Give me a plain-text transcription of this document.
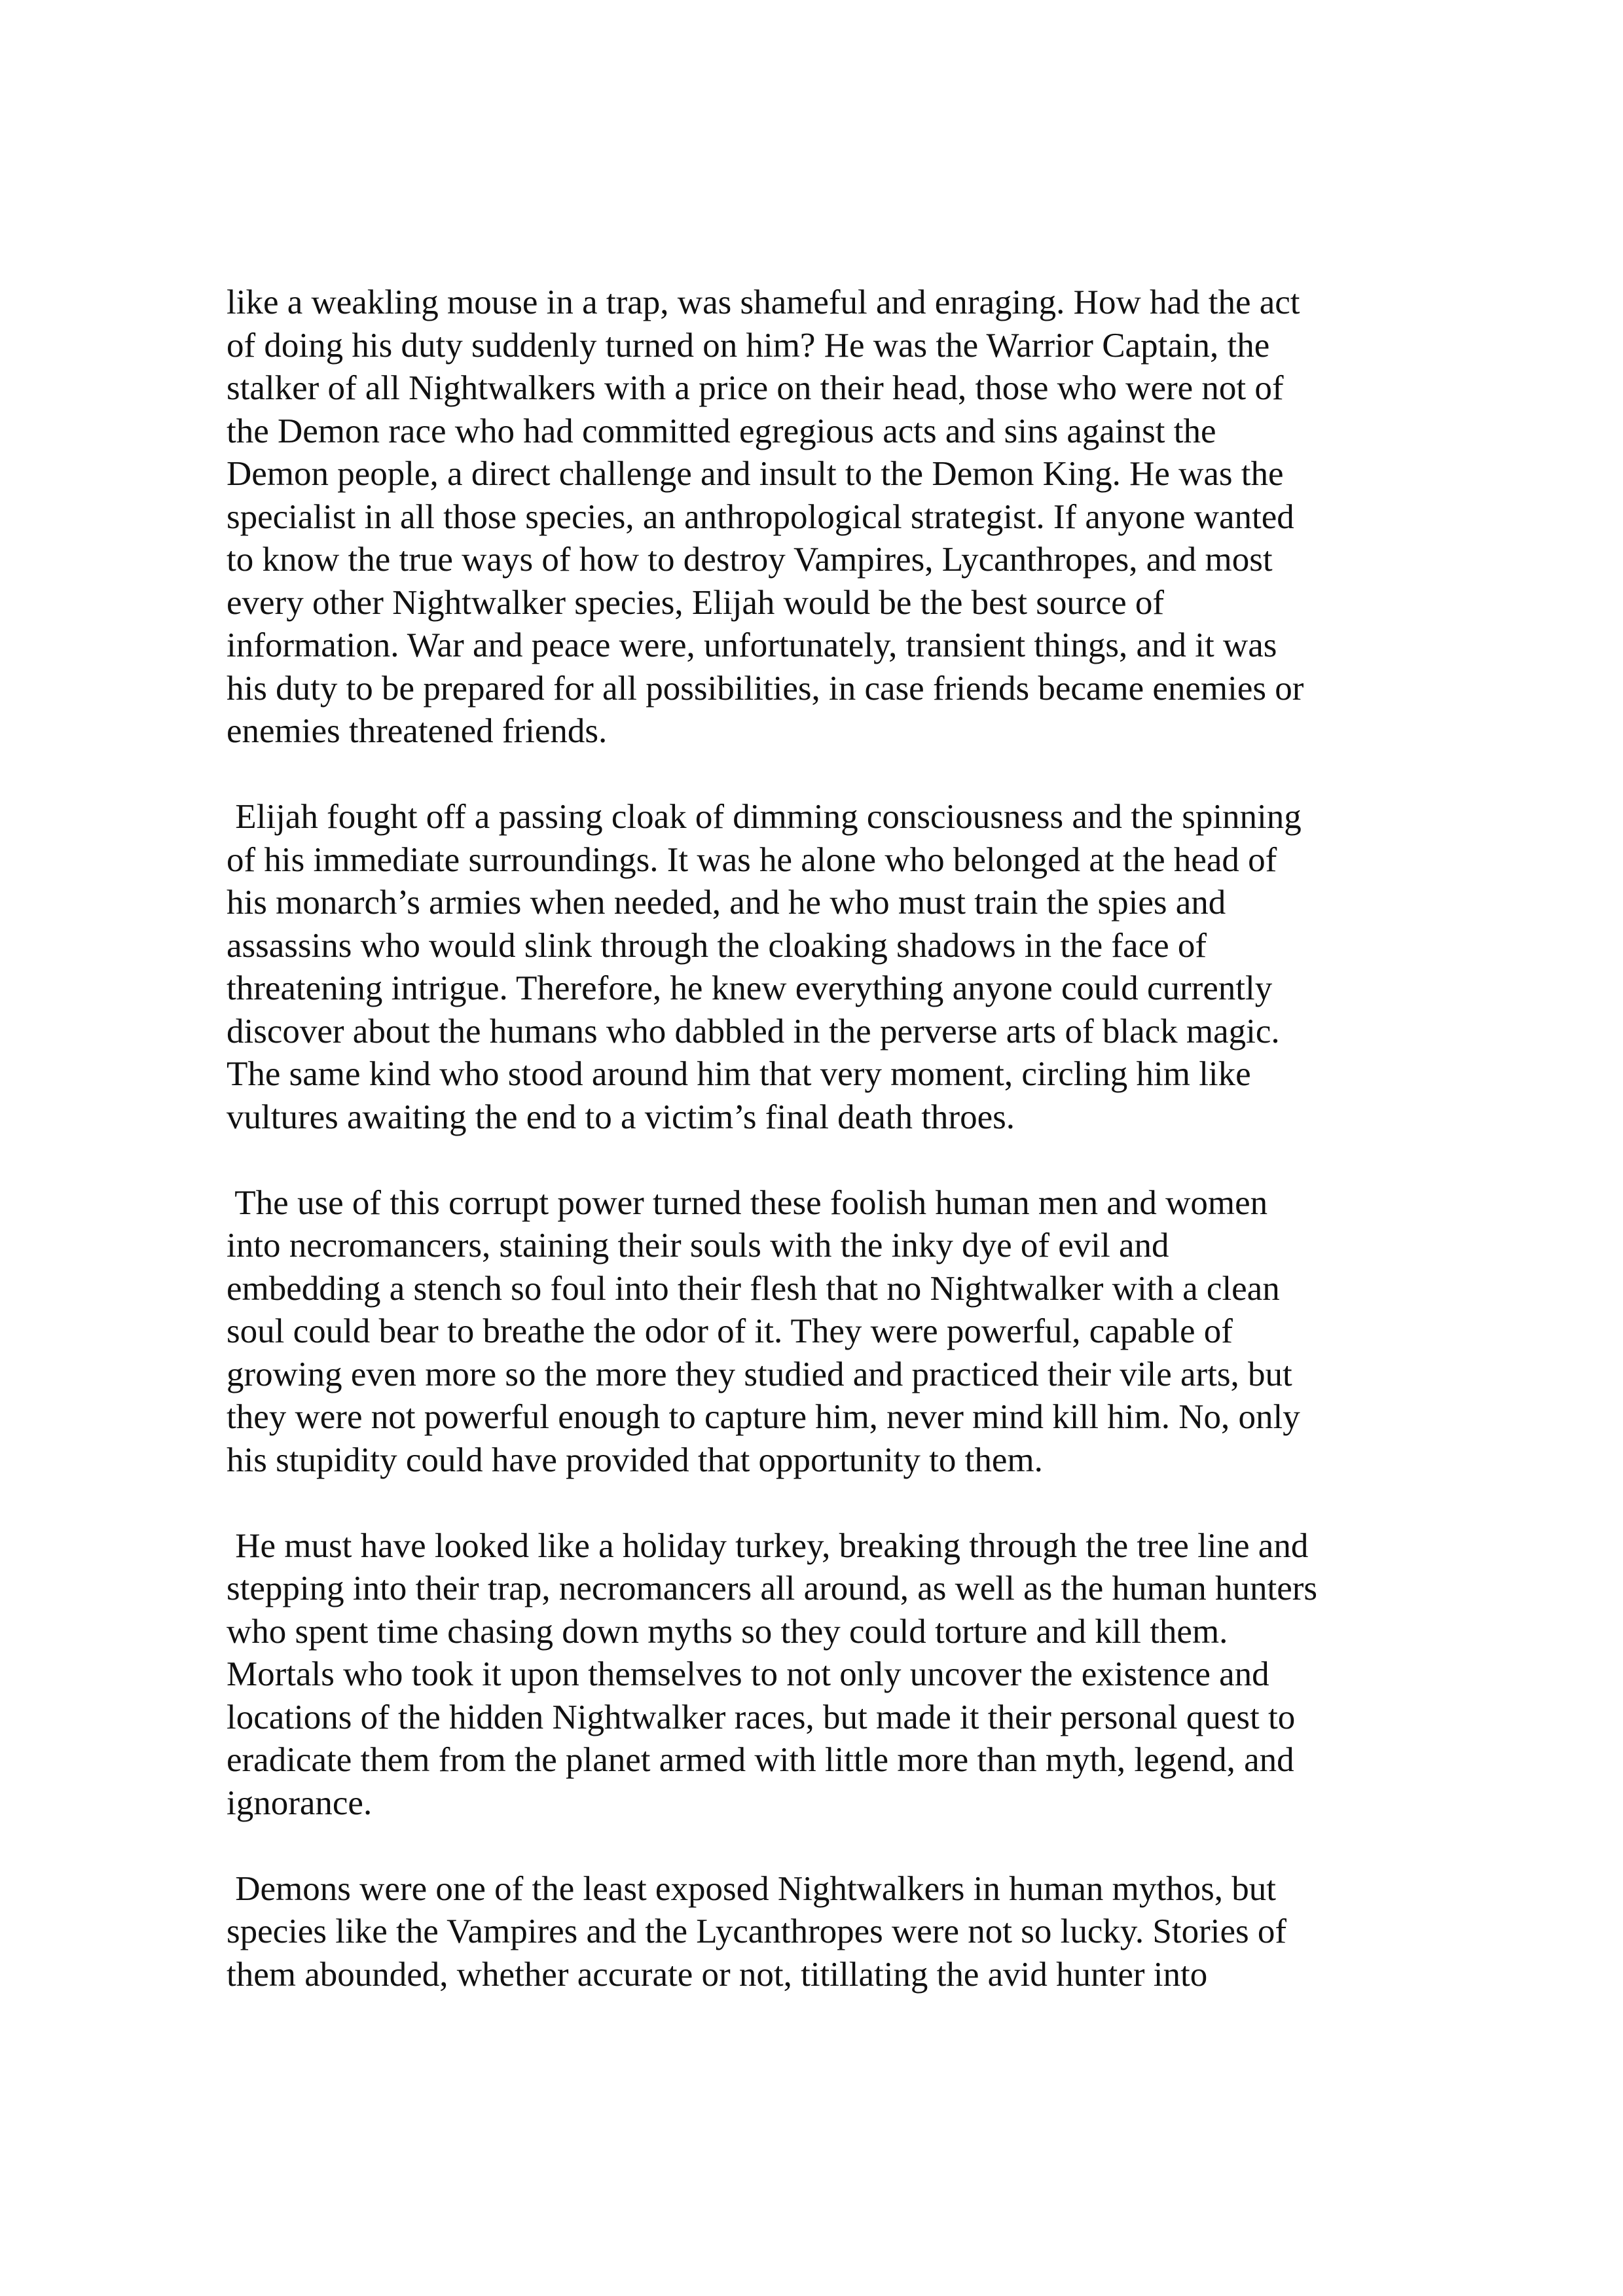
like a weakling mouse in a trap, was shameful and enraging. How had the act
of doing his duty suddenly turned on him? He was the Warrior Captain, the
stalker of all Nightwalkers with a price on their head, those who were not of
the Demon race who had committed egregious acts and sins against the
Demon people, a direct challenge and insult to the Demon King. He was the
specialist in all those species, an anthropological strategist. If anyone wanted
to know the true ways of how to destroy Vampires, Lycanthropes, and most
every other Nightwalker species, Elijah would be the best source of
information. War and peace were, unfortunately, transient things, and it was
his duty to be prepared for all possibilities, in case friends became enemies or
enemies threatened friends.

Elijah fought off a passing cloak of dimming consciousness and the spinning
of his immediate surroundings. It was he alone who belonged at the head of
his monarch’s armies when needed, and he who must train the spies and
assassins who would slink through the cloaking shadows in the face of
threatening intrigue. Therefore, he knew everything anyone could currently
discover about the humans who dabbled in the perverse arts of black magic.
The same kind who stood around him that very moment, circling him like
vultures awaiting the end to a victim’s final death throes.

The use of this corrupt power turned these foolish human men and women
into necromancers, staining their souls with the inky dye of evil and
embedding a stench so foul into their flesh that no Nightwalker with a clean
soul could bear to breathe the odor of it. They were powerful, capable of
growing even more so the more they studied and practiced their vile arts, but
they were not powerful enough to capture him, never mind kill him. No, only
his stupidity could have provided that opportunity to them.

He must have looked like a holiday turkey, breaking through the tree line and
stepping into their trap, necromancers all around, as well as the human hunters
who spent time chasing down myths so they could torture and kill them.
Mortals who took it upon themselves to not only uncover the existence and
locations of the hidden Nightwalker races, but made it their personal quest to
eradicate them from the planet armed with little more than myth, legend, and
ignorance.

Demons were one of the least exposed Nightwalkers in human mythos, but
species like the Vampires and the Lycanthropes were not so lucky. Stories of
them abounded, whether accurate or not, titillating the avid hunter into
